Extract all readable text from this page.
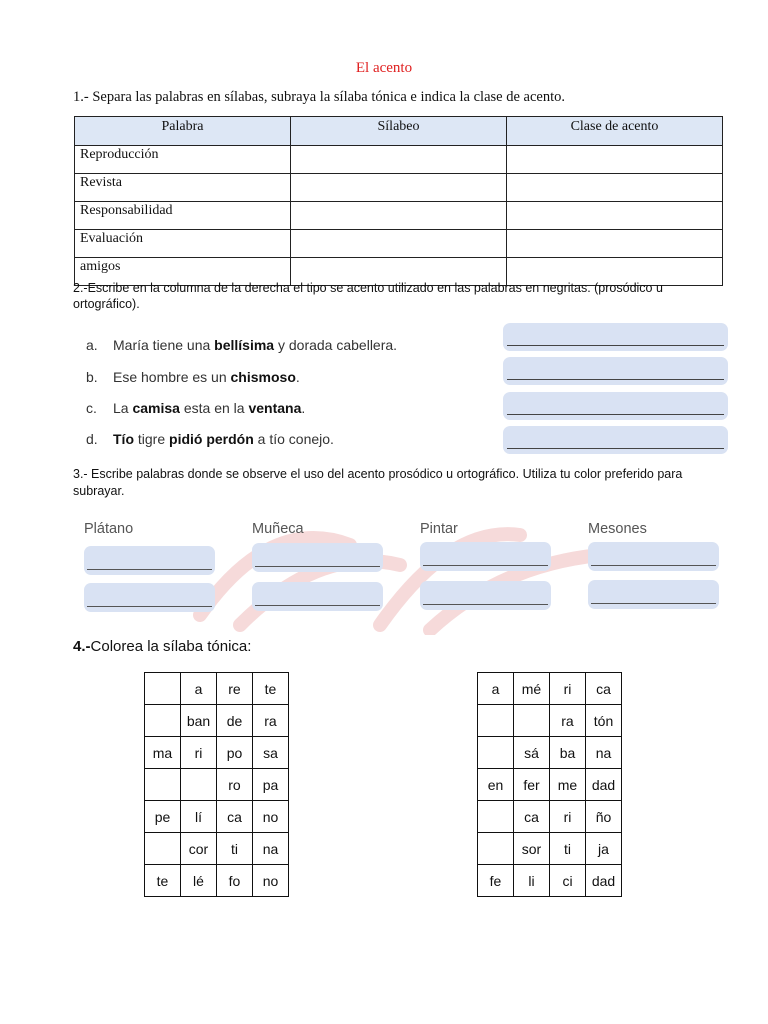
El acento
1.- Separa las palabras en sílabas, subraya la sílaba tónica e indica la clase de acento.
Palabra	Sílabeo	Clase de acento
Reproducción		
Revista		
Responsabilidad		
Evaluación		
amigos		
2.-Escribe en la columna de la derecha el tipo se acento utilizado en las palabras en negritas. (prosódico u ortográfico).
a. María tiene una bellísima y dorada cabellera.
b. Ese hombre es un chismoso.
c. La camisa esta en la ventana.
d. Tío tigre pidió perdón a tío conejo.
3.- Escribe palabras donde se observe el uso del acento prosódico u ortográfico. Utiliza tu color preferido para subrayar.
Plátano	Muñeca	Pintar	Mesones
4.-Colorea la sílaba tónica:
	a	re	te
	ban	de	ra
ma	ri	po	sa
		ro	pa
pe	lí	ca	no
	cor	ti	na
te	lé	fo	no
a	mé	ri	ca
		ra	tón
	sá	ba	na
en	fer	me	dad
	ca	ri	ño
	sor	ti	ja
fe	li	ci	dad
